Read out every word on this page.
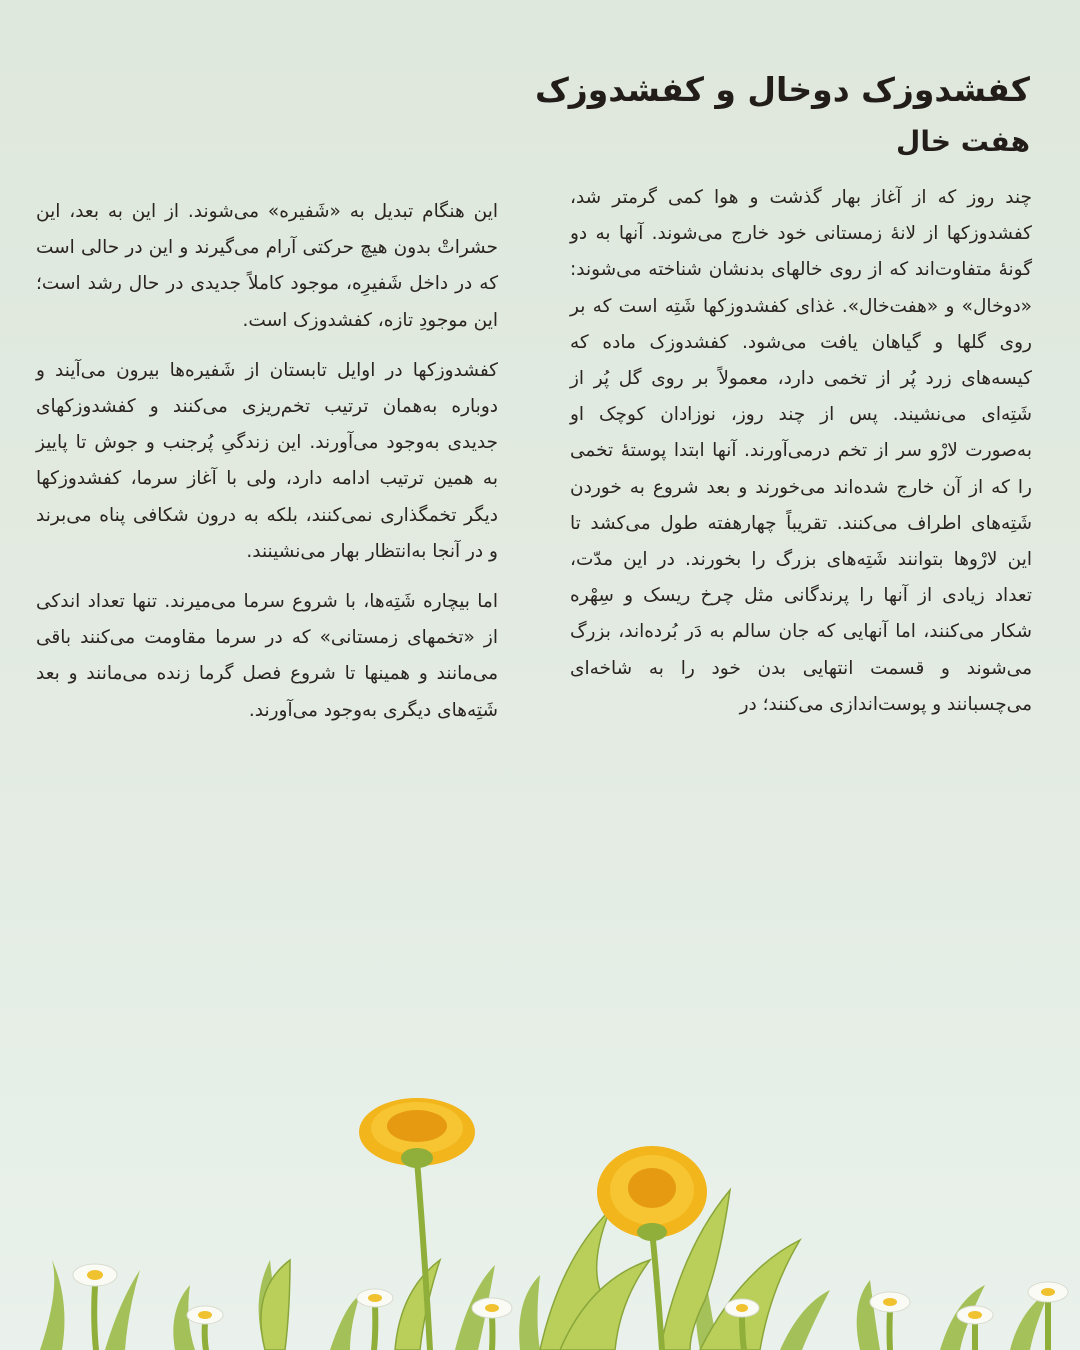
کفشدوزک دوخال و کفشدوزک
هفت خال

چند روز که از آغاز بهار گذشت و هوا کمی گرمتر شد، کفشدوزکها از لانهٔ زمستانی خود خارج می‌شوند. آنها به دو گونهٔ متفاوت‌اند که از روی خالهای بدنشان شناخته می‌شوند: «دوخال» و «هفت‌خال». غذای کفشدوزکها شَتِه است که بر روی گلها و گیاهان یافت می‌شود. کفشدوزک ماده که کیسه‌های زرد پُر از تخمی دارد، معمولاً بر روی گل پُر از شَتِه‌ای می‌نشیند. پس از چند روز، نوزادان کوچک او به‌صورت لارْو سر از تخم درمی‌آورند. آنها ابتدا پوستهٔ تخمی را که از آن خارج شده‌اند می‌خورند و بعد شروع به خوردن شَتِه‌های اطراف می‌کنند. تقریباً چهارهفته طول می‌کشد تا این لارْوها بتوانند شَتِه‌های بزرگ را بخورند. در این مدّت، تعداد زیادی از آنها را پرندگانی مثل چرخ ریسک و سِهْره شکار می‌کنند، اما آنهایی که جان سالم به دَر بُرده‌اند، بزرگ می‌شوند و قسمت انتهایی بدن خود را به شاخه‌ای می‌چسبانند و پوست‌اندازی می‌کنند؛ در

این هنگام تبدیل به «شَفیره» می‌شوند. از این به بعد، این حشراتْ بدون هیچ حرکتی آرام می‌گیرند و این در حالی است که در داخل شَفیرِه، موجود کاملاً جدیدی در حال رشد است؛ این موجودِ تازه، کفشدوزک است.

کفشدوزکها در اوایل تابستان از شَفیره‌ها بیرون می‌آیند و دوباره به‌همان ترتیب تخم‌ریزی می‌کنند و کفشدوزکهای جدیدی به‌وجود می‌آورند. این زندگیِ پُرجنب و جوش تا پاییز به همین ترتیب ادامه دارد، ولی با آغاز سرما، کفشدوزکها دیگر تخمگذاری نمی‌کنند، بلکه به درون شکافی پناه می‌برند و در آنجا به‌انتظار بهار می‌نشینند.

اما بیچاره شَتِه‌ها، با شروع سرما می‌میرند. تنها تعداد اندکی از «تخمهای زمستانی» که در سرما مقاومت می‌کنند باقی می‌مانند و همینها تا شروع فصل گرما زنده می‌مانند و بعد شَتِه‌های دیگری به‌وجود می‌آورند.
